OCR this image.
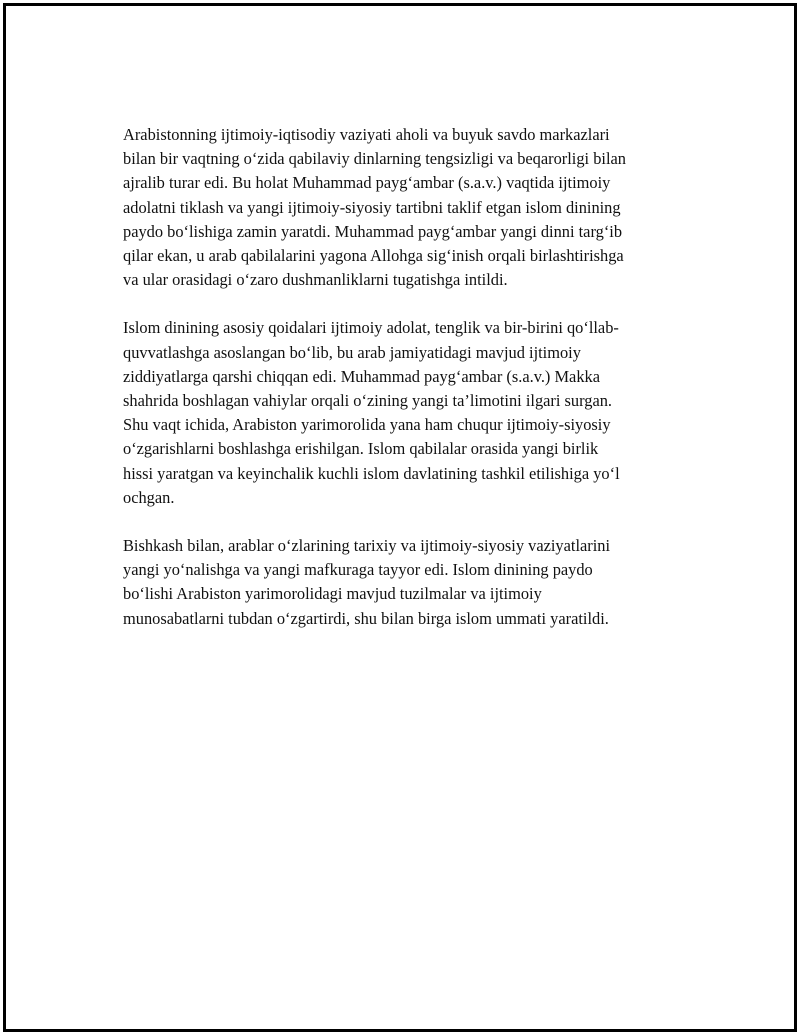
Arabistonning ijtimoiy-iqtisodiy vaziyati aholi va buyuk savdo markazlari
bilan bir vaqtning o‘zida qabilaviy dinlarning tengsizligi va beqarorligi bilan
ajralib turar edi. Bu holat Muhammad payg‘ambar (s.a.v.) vaqtida ijtimoiy
adolatni tiklash va yangi ijtimoiy-siyosiy tartibni taklif etgan islom dinining
paydo bo‘lishiga zamin yaratdi. Muhammad payg‘ambar yangi dinni targ‘ib
qilar ekan, u arab qabilalarini yagona Allohga sig‘inish orqali birlashtirishga
va ular orasidagi o‘zaro dushmanliklarni tugatishga intildi.

Islom dinining asosiy qoidalari ijtimoiy adolat, tenglik va bir-birini qo‘llab-
quvvatlashga asoslangan bo‘lib, bu arab jamiyatidagi mavjud ijtimoiy
ziddiyatlarga qarshi chiqqan edi. Muhammad payg‘ambar (s.a.v.) Makka
shahrida boshlagan vahiylar orqali o‘zining yangi ta’limotini ilgari surgan.
Shu vaqt ichida, Arabiston yarimorolida yana ham chuqur ijtimoiy-siyosiy
o‘zgarishlarni boshlashga erishilgan. Islom qabilalar orasida yangi birlik
hissi yaratgan va keyinchalik kuchli islom davlatining tashkil etilishiga yo‘l
ochgan.

Bishkash bilan, arablar o‘zlarining tarixiy va ijtimoiy-siyosiy vaziyatlarini
yangi yo‘nalishga va yangi mafkuraga tayyor edi. Islom dinining paydo
bo‘lishi Arabiston yarimorolidagi mavjud tuzilmalar va ijtimoiy
munosabatlarni tubdan o‘zgartirdi, shu bilan birga islom ummati yaratildi.
